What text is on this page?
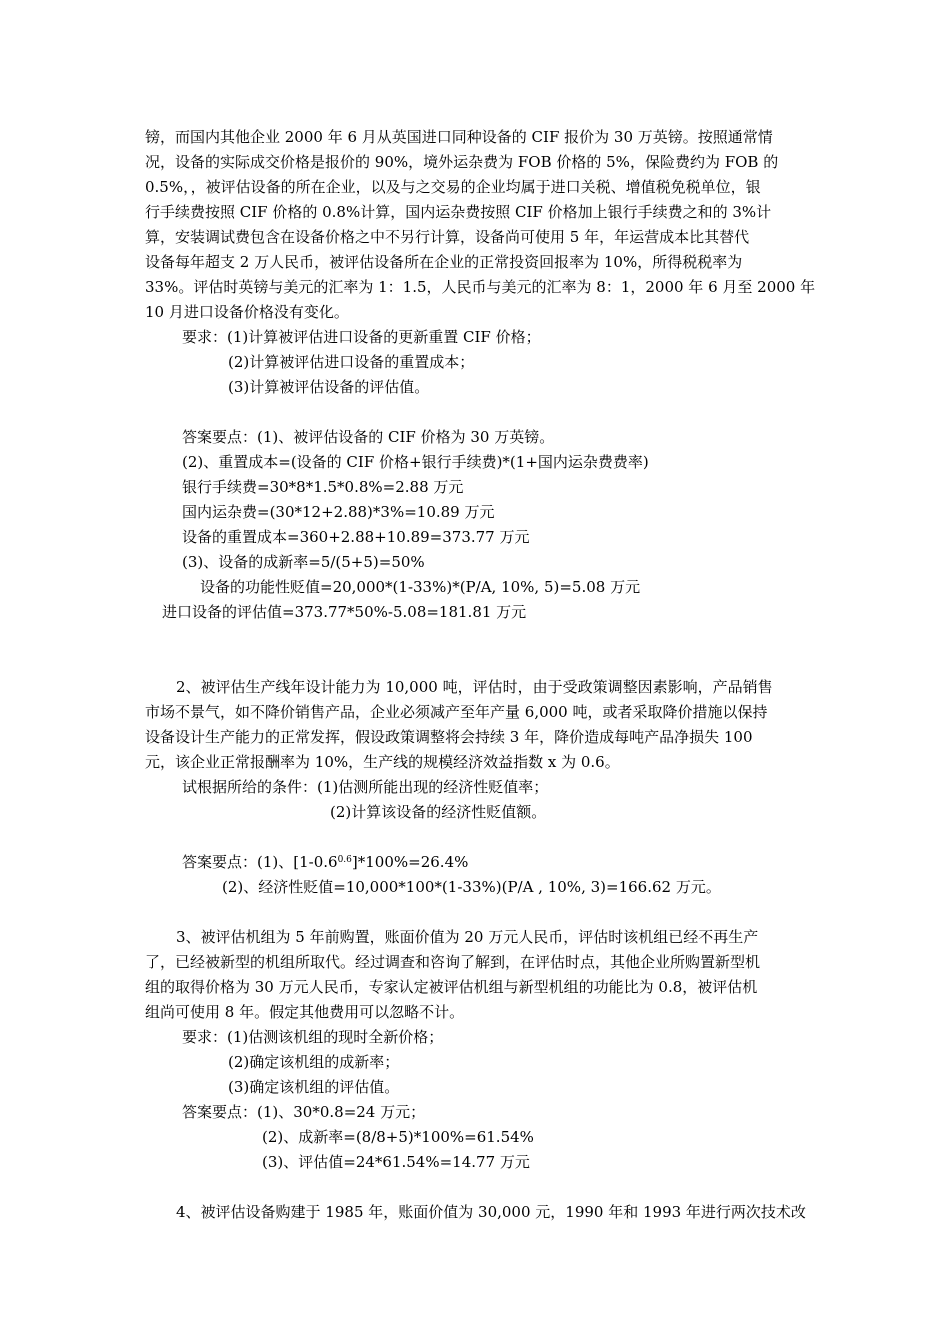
镑，而国内其他企业 2000 年 6 月从英国进口同种设备的 CIF 报价为 30 万英镑。按照通常情
况，设备的实际成交价格是报价的 90%，境外运杂费为 FOB 价格的 5%，保险费约为 FOB 的
0.5%，，被评估设备的所在企业，以及与之交易的企业均属于进口关税、增值税免税单位，银
行手续费按照 CIF 价格的 0.8%计算，国内运杂费按照 CIF 价格加上银行手续费之和的 3%计
算，安装调试费包含在设备价格之中不另行计算，设备尚可使用 5 年，年运营成本比其替代
设备每年超支 2 万人民币，被评估设备所在企业的正常投资回报率为 10%，所得税税率为
33%。评估时英镑与美元的汇率为 1：1.5，人民币与美元的汇率为 8：1，2000 年 6 月至 2000 年
10 月进口设备价格没有变化。
要求：(1)计算被评估进口设备的更新重置 CIF 价格；
(2)计算被评估进口设备的重置成本；
(3)计算被评估设备的评估值。
答案要点：(1)、被评估设备的 CIF 价格为 30 万英镑。
(2)、重置成本=(设备的 CIF 价格+银行手续费)*(1+国内运杂费费率)
银行手续费=30*8*1.5*0.8%=2.88 万元
国内运杂费=(30*12+2.88)*3%=10.89 万元
设备的重置成本=360+2.88+10.89=373.77 万元
(3)、设备的成新率=5/(5+5)=50%
设备的功能性贬值=20,000*(1-33%)*(P/A, 10%, 5)=5.08 万元
进口设备的评估值=373.77*50%-5.08=181.81 万元
2、被评估生产线年设计能力为 10,000 吨，评估时，由于受政策调整因素影响，产品销售
市场不景气，如不降价销售产品，企业必须减产至年产量 6,000 吨，或者采取降价措施以保持
设备设计生产能力的正常发挥，假设政策调整将会持续 3 年，降价造成每吨产品净损失 100
元，该企业正常报酬率为 10%，生产线的规模经济效益指数 x 为 0.6。
试根据所给的条件：(1)估测所能出现的经济性贬值率；
(2)计算该设备的经济性贬值额。
答案要点：(1)、$[1-0.6^{0.6}]*100\%=26.4\%$
(2)、经济性贬值=10,000*100*(1-33%)(P/A , 10%, 3)=166.62 万元。
3、被评估机组为 5 年前购置，账面价值为 20 万元人民币，评估时该机组已经不再生产
了，已经被新型的机组所取代。经过调查和咨询了解到，在评估时点，其他企业所购置新型机
组的取得价格为 30 万元人民币，专家认定被评估机组与新型机组的功能比为 0.8，被评估机
组尚可使用 8 年。假定其他费用可以忽略不计。
要求：(1)估测该机组的现时全新价格；
(2)确定该机组的成新率；
(3)确定该机组的评估值。
答案要点：(1)、30*0.8=24 万元；
(2)、成新率=(8/8+5)*100%=61.54%
(3)、评估值=24*61.54%=14.77 万元
4、被评估设备购建于 1985 年，账面价值为 30,000 元，1990 年和 1993 年进行两次技术改
